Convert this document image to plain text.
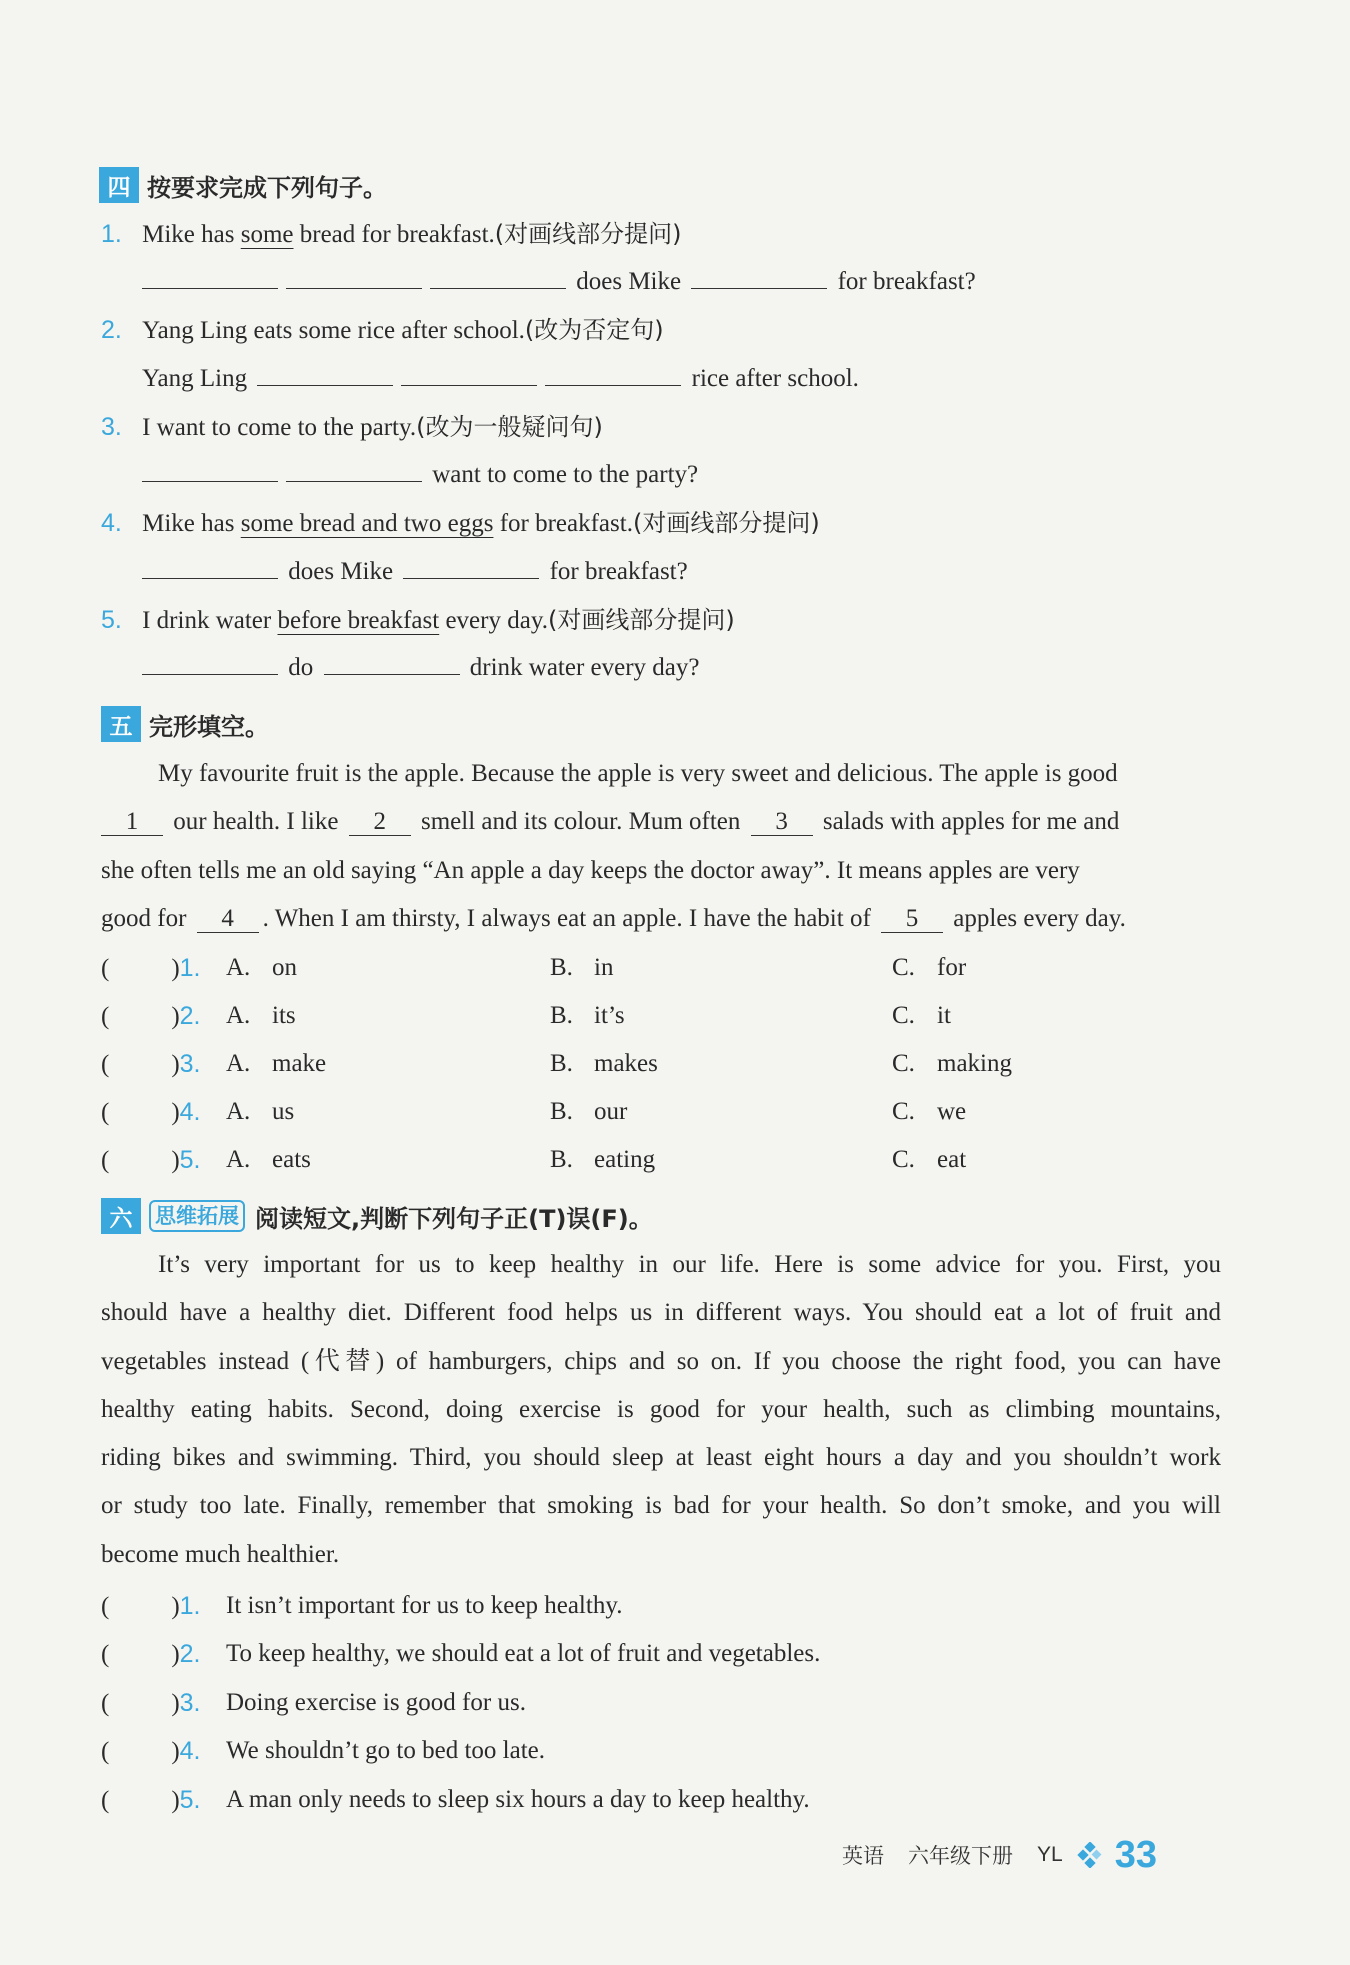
四 按要求完成下列句子。
1. Mike has some bread for breakfast.(对画线部分提问)
does Mike	for breakfast?
2. Yang Ling eats some rice after school.(改为否定句)
Yang Ling	rice after school.
3. I want to come to the party.(改为一般疑问句)
want to come to the party?
4. Mike has some bread and two eggs for breakfast.(对画线部分提问)
does Mike	for breakfast?
5. I drink water before breakfast every day.(对画线部分提问)
do	drink water every day?
五 完形填空。
My favourite fruit is the apple. Because the apple is very sweet and delicious. The apple is good
1 our health. I like 2 smell and its colour. Mum often 3 salads with apples for me and
she often tells me an old saying “An apple a day keeps the doctor away”. It means apples are very
good for 4 . When I am thirsty, I always eat an apple. I have the habit of 5 apples every day.
( )1. A. on	B. in	C. for
( )2. A. its	B. it’s	C. it
( )3. A. make	B. makes	C. making
( )4. A. us	B. our	C. we
( )5. A. eats	B. eating	C. eat
六	思维拓展 阅读短文,判断下列句子正(T)误(F)。
It’s very important for us to keep healthy in our life. Here is some advice for you. First, you
should have a healthy diet. Different food helps us in different ways. You should eat a lot of fruit and
vegetables instead (代替) of hamburgers, chips and so on. If you choose the right food, you can have
healthy eating habits. Second, doing exercise is good for your health, such as climbing mountains,
riding bikes and swimming. Third, you should sleep at least eight hours a day and you shouldn’t work
or study too late. Finally, remember that smoking is bad for your health. So don’t smoke, and you will
become much healthier.
( )1. It isn’t important for us to keep healthy.
( )2. To keep healthy, we should eat a lot of fruit and vegetables.
( )3. Doing exercise is good for us.
( )4. We shouldn’t go to bed too late.
( )5. A man only needs to sleep six hours a day to keep healthy.
英语 六年级下册 YL 33
